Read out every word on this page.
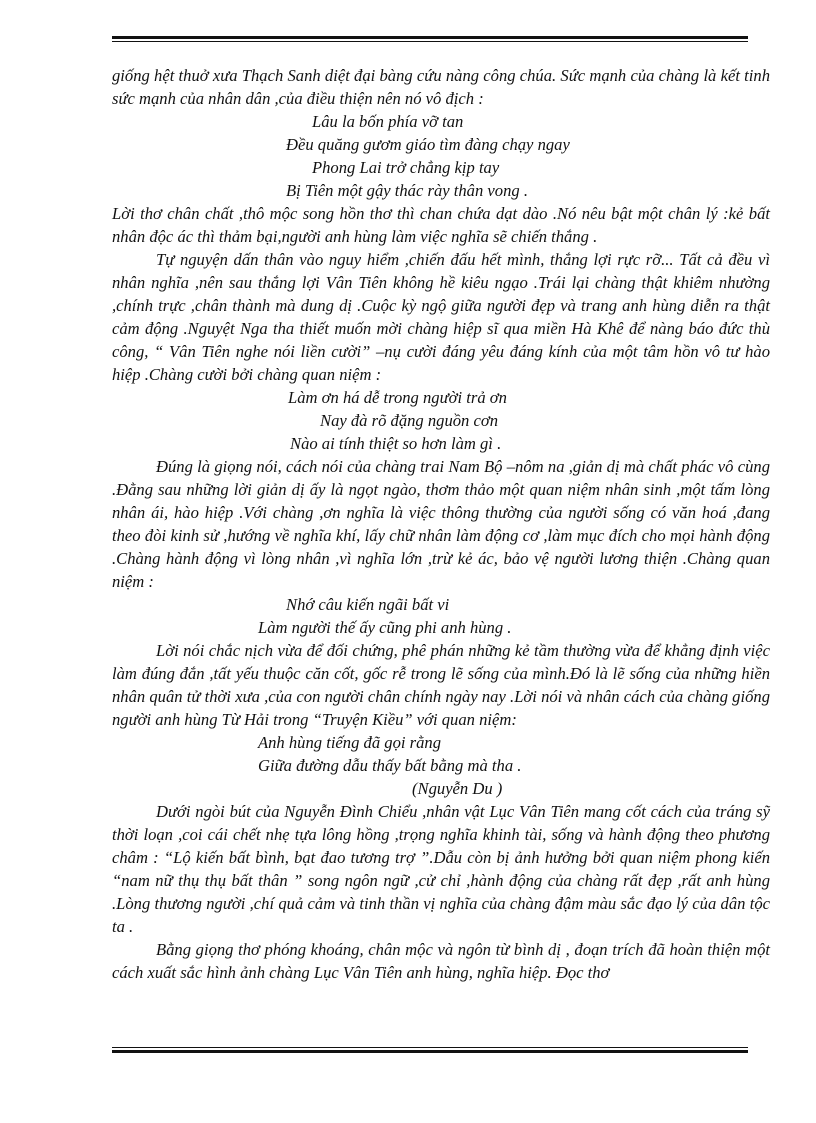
giống hệt thuở xưa Thạch Sanh diệt đại bàng cứu nàng công chúa. Sức mạnh của chàng là kết tinh sức mạnh của nhân dân ,của điều thiện nên nó vô địch :

Lâu la bốn phía vỡ tan

Đều quăng gươm giáo tìm đàng chạy ngay

Phong Lai trở chẳng kịp tay

Bị Tiên một gậy thác rày thân vong .

Lời thơ chân chất ,thô mộc song hồn thơ thì chan chứa dạt dào .Nó nêu bật một chân lý :kẻ bất nhân độc ác thì thảm bại,người anh hùng làm việc nghĩa sẽ chiến thắng .

Tự nguyện dấn thân vào nguy hiểm ,chiến đấu hết mình, thắng lợi rực rỡ... Tất cả đều vì nhân nghĩa ,nên sau thắng lợi Vân Tiên không hề kiêu ngạo .Trái lại chàng thật khiêm nhường ,chính trực ,chân thành mà dung dị .Cuộc kỳ ngộ giữa người đẹp và trang anh hùng diễn ra thật cảm động .Nguyệt Nga tha thiết muốn mời chàng hiệp sĩ qua miền Hà Khê để nàng báo đức thù công, “ Vân Tiên nghe nói liền cười” –nụ cười đáng yêu đáng kính của một tâm hồn vô tư hào hiệp .Chàng cười bởi chàng quan niệm :

Làm ơn há dễ trong người trả ơn

Nay đà rõ đặng nguồn cơn

Nào ai tính thiệt so hơn làm gì .

Đúng là giọng nói, cách nói của chàng trai Nam Bộ –nôm na ,giản dị mà chất phác vô cùng .Đằng sau những lời giản dị ấy là ngọt ngào, thơm thảo một quan niệm nhân sinh ,một tấm lòng nhân ái, hào hiệp .Với chàng ,ơn nghĩa là việc thông thường của người sống có văn hoá ,đang theo đòi kinh sử ,hướng về nghĩa khí, lấy chữ nhân làm động cơ ,làm mục đích cho mọi hành động .Chàng hành động vì lòng nhân ,vì nghĩa lớn ,trừ kẻ ác, bảo vệ người lương thiện .Chàng quan niệm :

Nhớ câu kiến ngãi bất vi

Làm người thế ấy cũng phi anh hùng .

Lời nói chắc nịch vừa để đối chứng, phê phán những kẻ tầm thường vừa để khẳng định việc làm đúng đắn ,tất yếu thuộc căn cốt, gốc rễ trong lẽ sống của mình.Đó là lẽ sống của những hiền nhân quân tử thời xưa ,của con người chân chính ngày nay .Lời nói và nhân cách của chàng giống người anh hùng Từ Hải trong “Truyện Kiều” với quan niệm:

Anh hùng tiếng đã gọi rằng

Giữa đường dẫu thấy bất bằng mà tha .

(Nguyễn Du )

Dưới ngòi bút của Nguyễn Đình Chiểu ,nhân vật Lục Vân Tiên mang cốt cách của tráng sỹ thời loạn ,coi cái chết nhẹ tựa lông hồng ,trọng nghĩa khinh tài, sống và hành động theo phương châm : “Lộ kiến bất bình, bạt đao tương trợ ”.Dẫu còn bị ảnh hưởng bởi quan niệm phong kiến “nam nữ thụ thụ bất thân ” song ngôn ngữ ,cử chỉ ,hành động của chàng rất đẹp ,rất anh hùng .Lòng thương người ,chí quả cảm và tinh thần vị nghĩa của chàng đậm màu sắc đạo lý của dân tộc ta .

Bằng giọng thơ phóng khoáng, chân mộc và ngôn từ bình dị , đoạn trích đã hoàn thiện một cách xuất sắc hình ảnh chàng Lục Vân Tiên anh hùng, nghĩa hiệp. Đọc thơ
